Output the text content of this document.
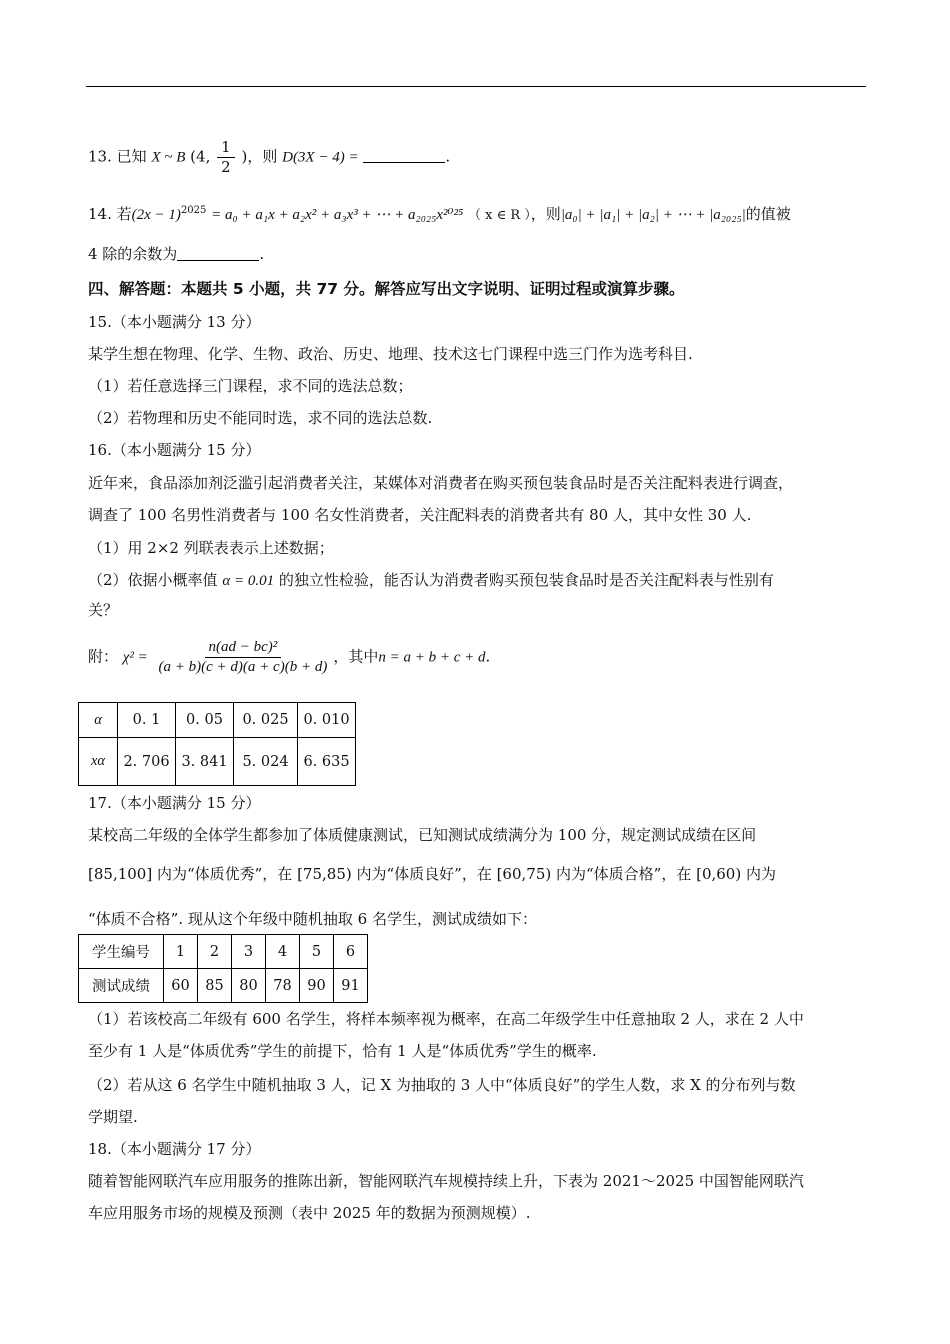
13. 已知 X ~ B (4, $\frac{1}{2}$ )，则 D(3X − 4) =	.
14. 若$(2x - 1)^{2025} = a_0 + a_1x + a_2x^2 + a_3x^3$ + ⋯ + a₂₀₂₅x²⁰²⁵ （ x ∈ R ），则|a₀| + |a₁| + |a₂| + ⋯ + |a₂₀₂₅|的值被
4 除的余数为	.
四、解答题：本题共 5 小题，共 77 分。解答应写出文字说明、证明过程或演算步骤。
15.（本小题满分 13 分）
某学生想在物理、化学、生物、政治、历史、地理、技术这七门课程中选三门作为选考科目.
（1）若任意选择三门课程，求不同的选法总数；
（2）若物理和历史不能同时选，求不同的选法总数.
16.（本小题满分 15 分）
近年来，食品添加剂泛滥引起消费者关注，某媒体对消费者在购买预包装食品时是否关注配料表进行调查，
调查了 100 名男性消费者与 100 名女性消费者，关注配料表的消费者共有 80 人，其中女性 30 人.
（1）用 2×2 列联表表示上述数据；
（2）依据小概率值 α = 0.01 的独立性检验，能否认为消费者购买预包装食品时是否关注配料表与性别有
关？
附： $\chi^2 = \frac{\text{n(ad − bc)²}}{(a + b)(c + d)(a + c)(b + d)}$ ，其中n = a + b + c + d.
α	0. 1	0. 05	0. 025	0. 010
xα	2. 706	3. 841	5. 024	6. 635
17.（本小题满分 15 分）
某校高二年级的全体学生都参加了体质健康测试，已知测试成绩满分为 100 分，规定测试成绩在区间
[85,100] 内为“体质优秀”，在 [75,85) 内为“体质良好”，在 [60,75) 内为“体质合格”，在 [0,60) 内为
“体质不合格”. 现从这个年级中随机抽取 6 名学生，测试成绩如下：
学生编号	1	2	3	4	5	6
测试成绩	60	85	80	78	90	91
（1）若该校高二年级有 600 名学生，将样本频率视为概率，在高二年级学生中任意抽取 2 人，求在 2 人中
至少有 1 人是“体质优秀”学生的前提下，恰有 1 人是“体质优秀”学生的概率.
（2）若从这 6 名学生中随机抽取 3 人，记 X 为抽取的 3 人中“体质良好”的学生人数，求 X 的分布列与数
学期望.
18.（本小题满分 17 分）
随着智能网联汽车应用服务的推陈出新，智能网联汽车规模持续上升，下表为 2021～2025 中国智能网联汽
车应用服务市场的规模及预测（表中 2025 年的数据为预测规模）.
